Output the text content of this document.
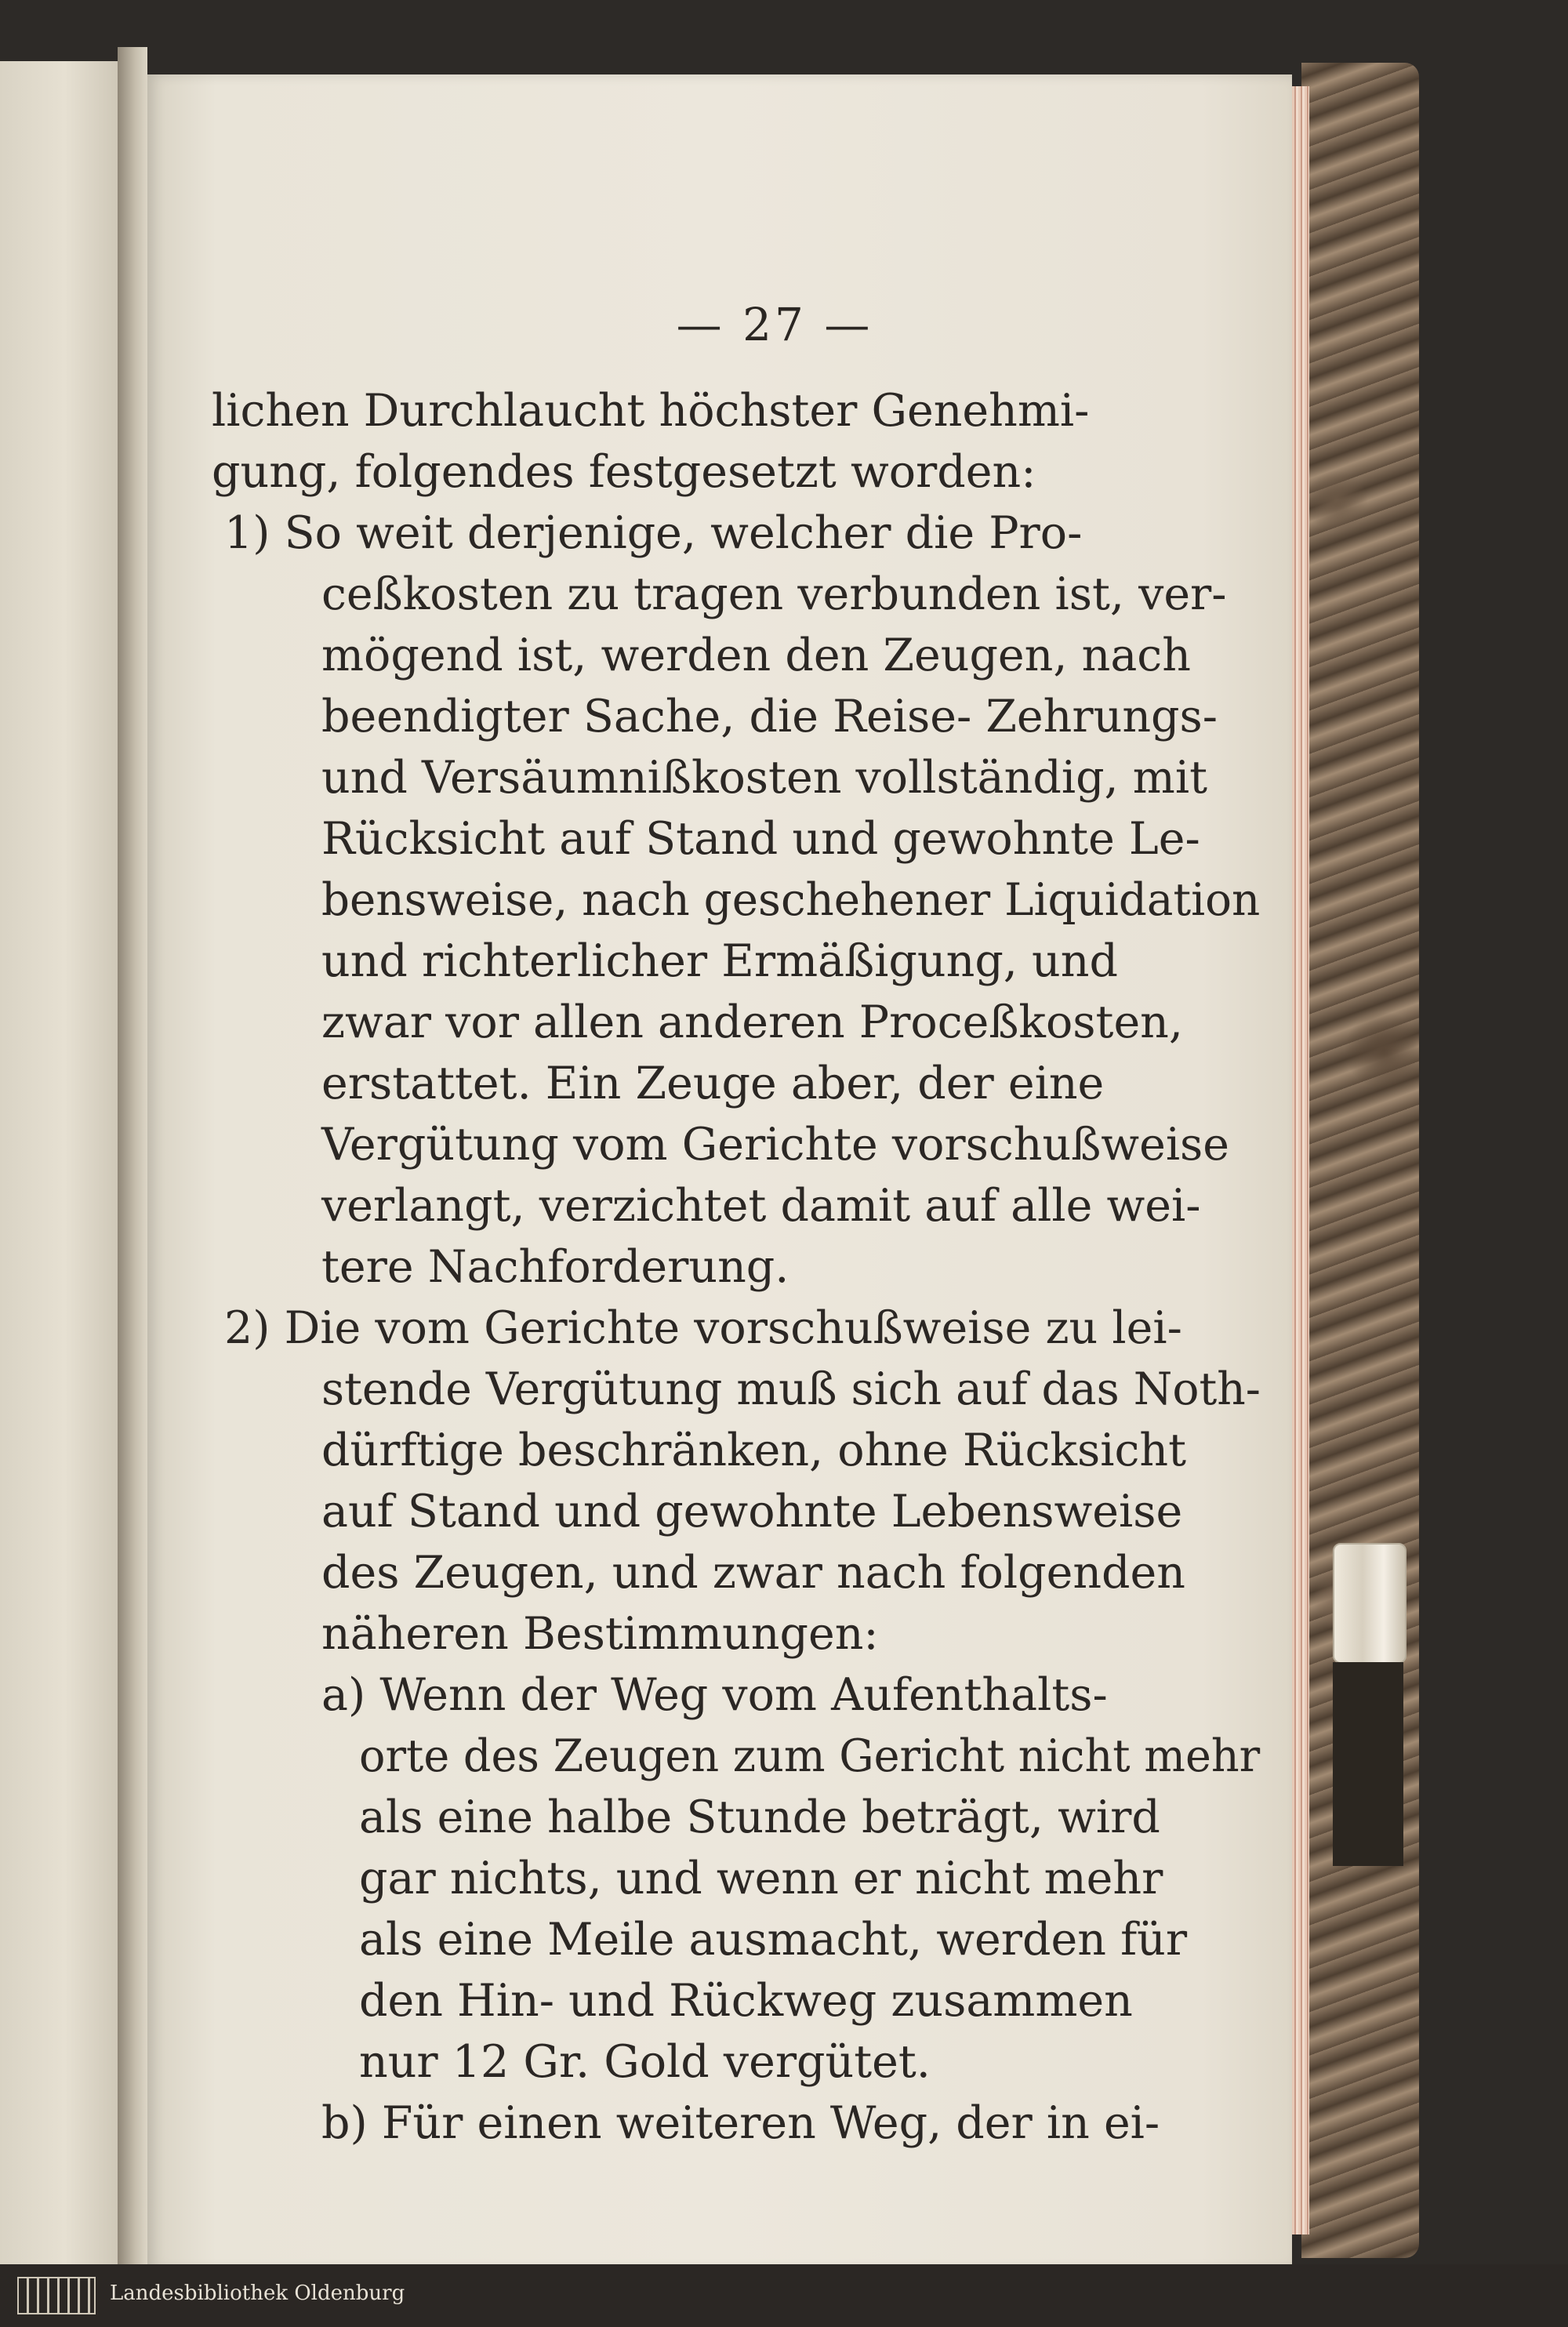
— 27 —
lichen Durchlaucht höchster Genehmi-
gung, folgendes festgesetzt worden:
1) So weit derjenige, welcher die Pro-
ceßkosten zu tragen verbunden ist, ver-
mögend ist, werden den Zeugen, nach
beendigter Sache, die Reise- Zehrungs-
und Versäumnißkosten vollständig, mit
Rücksicht auf Stand und gewohnte Le-
bensweise, nach geschehener Liquidation
und richterlicher Ermäßigung, und
zwar vor allen anderen Proceßkosten,
erstattet. Ein Zeuge aber, der eine
Vergütung vom Gerichte vorschußweise
verlangt, verzichtet damit auf alle wei-
tere Nachforderung.
2) Die vom Gerichte vorschußweise zu lei-
stende Vergütung muß sich auf das Noth-
dürftige beschränken, ohne Rücksicht
auf Stand und gewohnte Lebensweise
des Zeugen, und zwar nach folgenden
näheren Bestimmungen:
a) Wenn der Weg vom Aufenthalts-
orte des Zeugen zum Gericht nicht mehr
als eine halbe Stunde beträgt, wird
gar nichts, und wenn er nicht mehr
als eine Meile ausmacht, werden für
den Hin- und Rückweg zusammen
nur 12 Gr. Gold vergütet.
b) Für einen weiteren Weg, der in ei-
Landesbibliothek Oldenburg
